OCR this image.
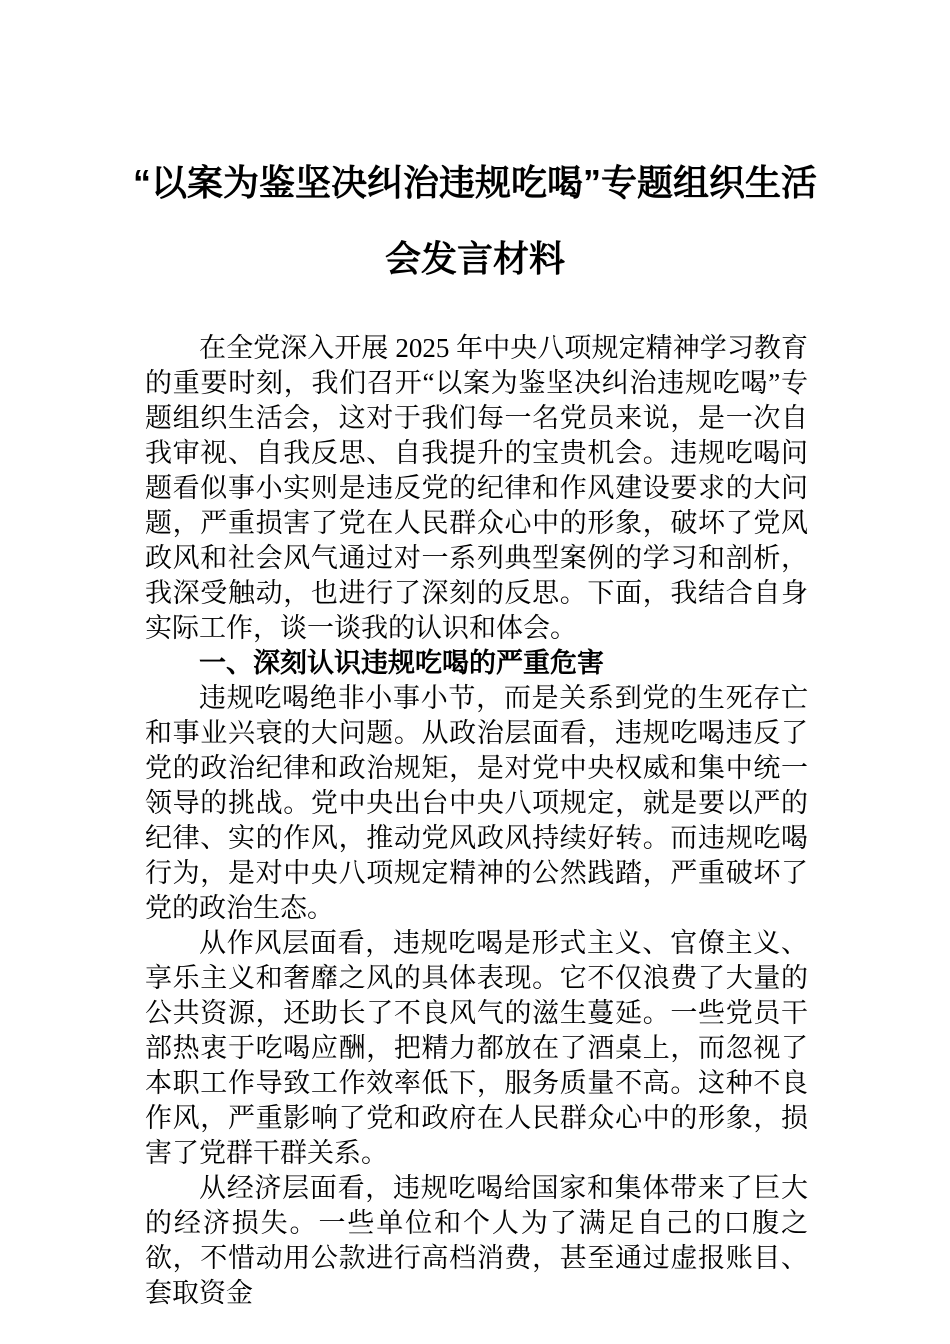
“以案为鉴坚决纠治违规吃喝”专题组织生活
会发言材料

在全党深入开展 2025 年中央八项规定精神学习教育的重要时刻，我们召开“以案为鉴坚决纠治违规吃喝”专题组织生活会，这对于我们每一名党员来说，是一次自我审视、自我反思、自我提升的宝贵机会。违规吃喝问题看似事小实则是违反党的纪律和作风建设要求的大问题，严重损害了党在人民群众心中的形象，破坏了党风政风和社会风气通过对一系列典型案例的学习和剖析，我深受触动，也进行了深刻的反思。下面，我结合自身实际工作，谈一谈我的认识和体会。

一、深刻认识违规吃喝的严重危害

违规吃喝绝非小事小节，而是关系到党的生死存亡和事业兴衰的大问题。从政治层面看，违规吃喝违反了党的政治纪律和政治规矩，是对党中央权威和集中统一领导的挑战。党中央出台中央八项规定，就是要以严的纪律、实的作风，推动党风政风持续好转。而违规吃喝行为，是对中央八项规定精神的公然践踏，严重破坏了党的政治生态。

从作风层面看，违规吃喝是形式主义、官僚主义、享乐主义和奢靡之风的具体表现。它不仅浪费了大量的公共资源，还助长了不良风气的滋生蔓延。一些党员干部热衷于吃喝应酬，把精力都放在了酒桌上，而忽视了本职工作导致工作效率低下，服务质量不高。这种不良作风，严重影响了党和政府在人民群众心中的形象，损害了党群干群关系。

从经济层面看，违规吃喝给国家和集体带来了巨大的经济损失。一些单位和个人为了满足自己的口腹之欲，不惜动用公款进行高档消费，甚至通过虚报账目、套取资金
